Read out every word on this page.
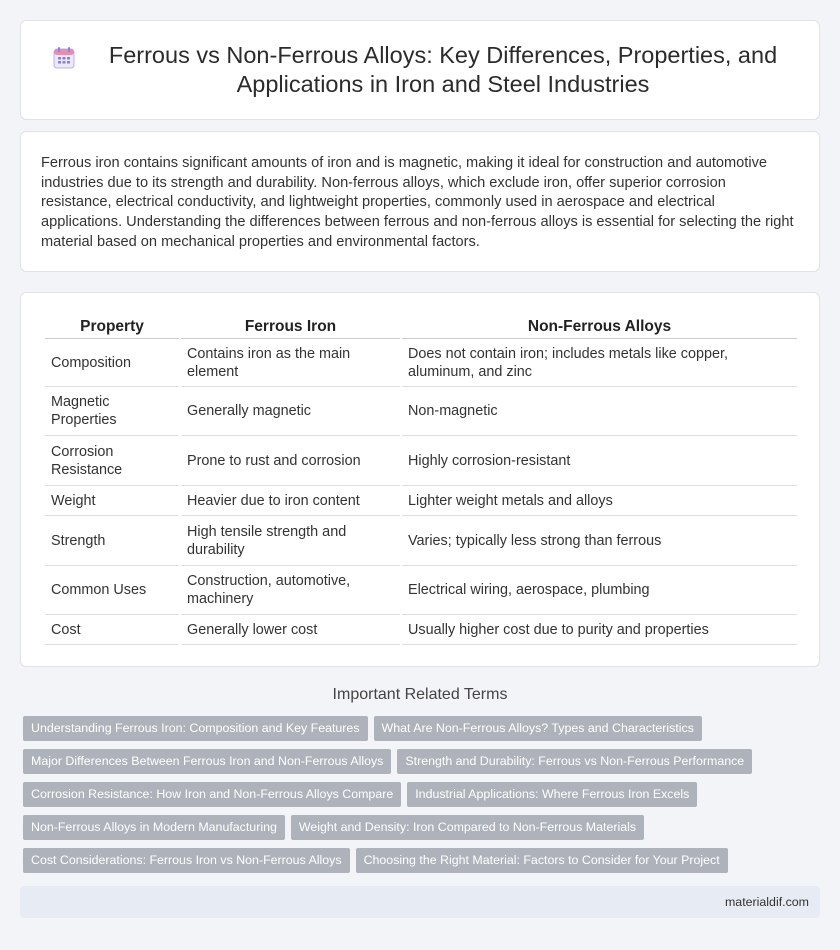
Ferrous vs Non-Ferrous Alloys: Key Differences, Properties, and Applications in Iron and Steel Industries

Ferrous iron contains significant amounts of iron and is magnetic, making it ideal for construction and automotive industries due to its strength and durability. Non-ferrous alloys, which exclude iron, offer superior corrosion resistance, electrical conductivity, and lightweight properties, commonly used in aerospace and electrical applications. Understanding the differences between ferrous and non-ferrous alloys is essential for selecting the right material based on mechanical properties and environmental factors.

Property	Ferrous Iron	Non-Ferrous Alloys
Composition	Contains iron as the main element	Does not contain iron; includes metals like copper, aluminum, and zinc
Magnetic Properties	Generally magnetic	Non-magnetic
Corrosion Resistance	Prone to rust and corrosion	Highly corrosion-resistant
Weight	Heavier due to iron content	Lighter weight metals and alloys
Strength	High tensile strength and durability	Varies; typically less strong than ferrous
Common Uses	Construction, automotive, machinery	Electrical wiring, aerospace, plumbing
Cost	Generally lower cost	Usually higher cost due to purity and properties
Important Related Terms
Understanding Ferrous Iron: Composition and Key Features	What Are Non-Ferrous Alloys? Types and Characteristics
Major Differences Between Ferrous Iron and Non-Ferrous Alloys	Strength and Durability: Ferrous vs Non-Ferrous Performance
Corrosion Resistance: How Iron and Non-Ferrous Alloys Compare	Industrial Applications: Where Ferrous Iron Excels
Non-Ferrous Alloys in Modern Manufacturing	Weight and Density: Iron Compared to Non-Ferrous Materials
Cost Considerations: Ferrous Iron vs Non-Ferrous Alloys	Choosing the Right Material: Factors to Consider for Your Project
materialdif.com
